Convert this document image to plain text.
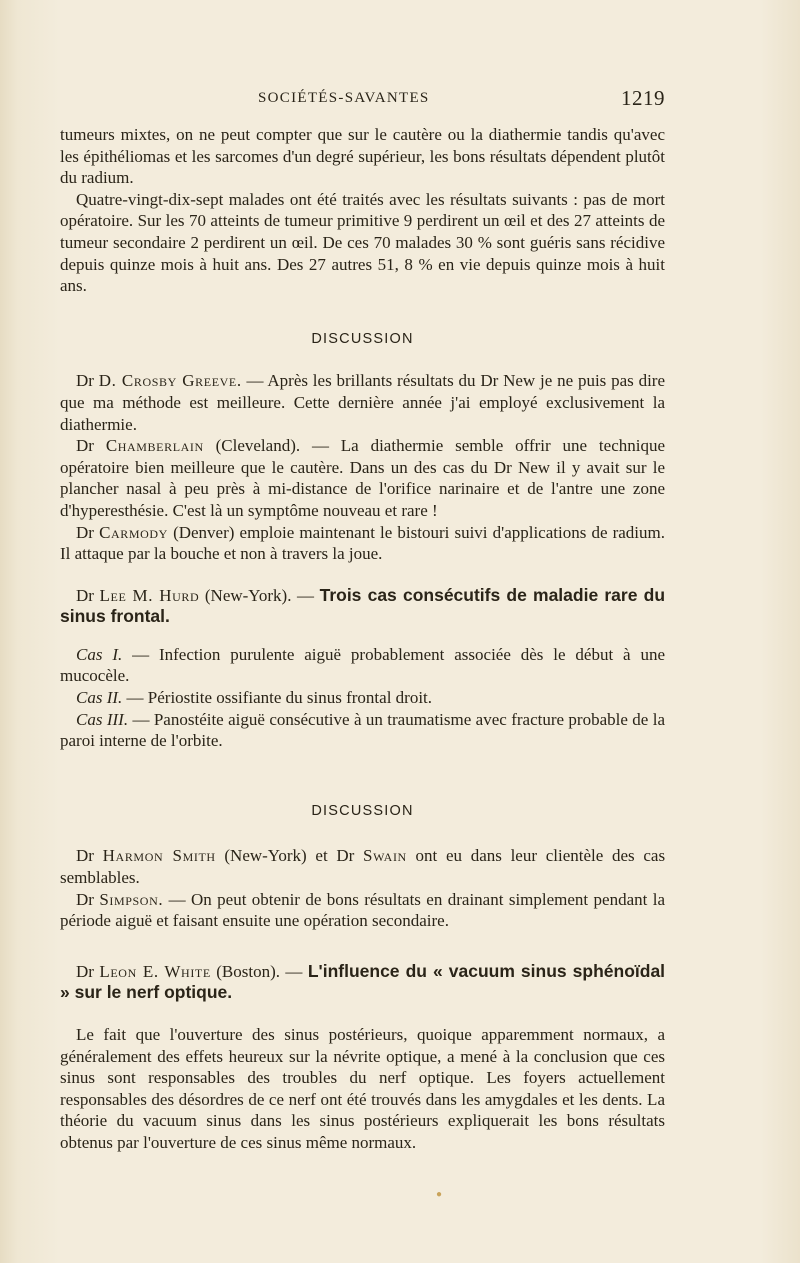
SOCIÉTÉS-SAVANTES	1219

tumeurs mixtes, on ne peut compter que sur le cautère ou la diathermie tandis qu'avec les épithéliomas et les sarcomes d'un degré supérieur, les bons résultats dépendent plutôt du radium.

Quatre-vingt-dix-sept malades ont été traités avec les résultats suivants : pas de mort opératoire. Sur les 70 atteints de tumeur primitive 9 perdirent un œil et des 27 atteints de tumeur secondaire 2 perdirent un œil. De ces 70 malades 30 % sont guéris sans récidive depuis quinze mois à huit ans. Des 27 autres 51, 8 % en vie depuis quinze mois à huit ans.

DISCUSSION

Dr D. Crosby Greeve. — Après les brillants résultats du Dr New je ne puis pas dire que ma méthode est meilleure. Cette dernière année j'ai employé exclusivement la diathermie.

Dr Chamberlain (Cleveland). — La diathermie semble offrir une technique opératoire bien meilleure que le cautère. Dans un des cas du Dr New il y avait sur le plancher nasal à peu près à mi-distance de l'orifice narinaire et de l'antre une zone d'hyperesthésie. C'est là un symptôme nouveau et rare !

Dr Carmody (Denver) emploie maintenant le bistouri suivi d'applications de radium. Il attaque par la bouche et non à travers la joue.

Dr Lee M. Hurd (New-York). — Trois cas consécutifs de maladie rare du sinus frontal.

Cas I. — Infection purulente aiguë probablement associée dès le début à une mucocèle.

Cas II. — Périostite ossifiante du sinus frontal droit.

Cas III. — Panostéite aiguë consécutive à un traumatisme avec fracture probable de la paroi interne de l'orbite.

DISCUSSION

Dr Harmon Smith (New-York) et Dr Swain ont eu dans leur clientèle des cas semblables.

Dr Simpson. — On peut obtenir de bons résultats en drainant simplement pendant la période aiguë et faisant ensuite une opération secondaire.

Dr Leon E. White (Boston). — L'influence du « vacuum sinus sphénoïdal » sur le nerf optique.

Le fait que l'ouverture des sinus postérieurs, quoique apparemment normaux, a généralement des effets heureux sur la névrite optique, a mené à la conclusion que ces sinus sont responsables des troubles du nerf optique. Les foyers actuellement responsables des désordres de ce nerf ont été trouvés dans les amygdales et les dents. La théorie du vacuum sinus dans les sinus postérieurs expliquerait les bons résultats obtenus par l'ouverture de ces sinus même normaux.

●
